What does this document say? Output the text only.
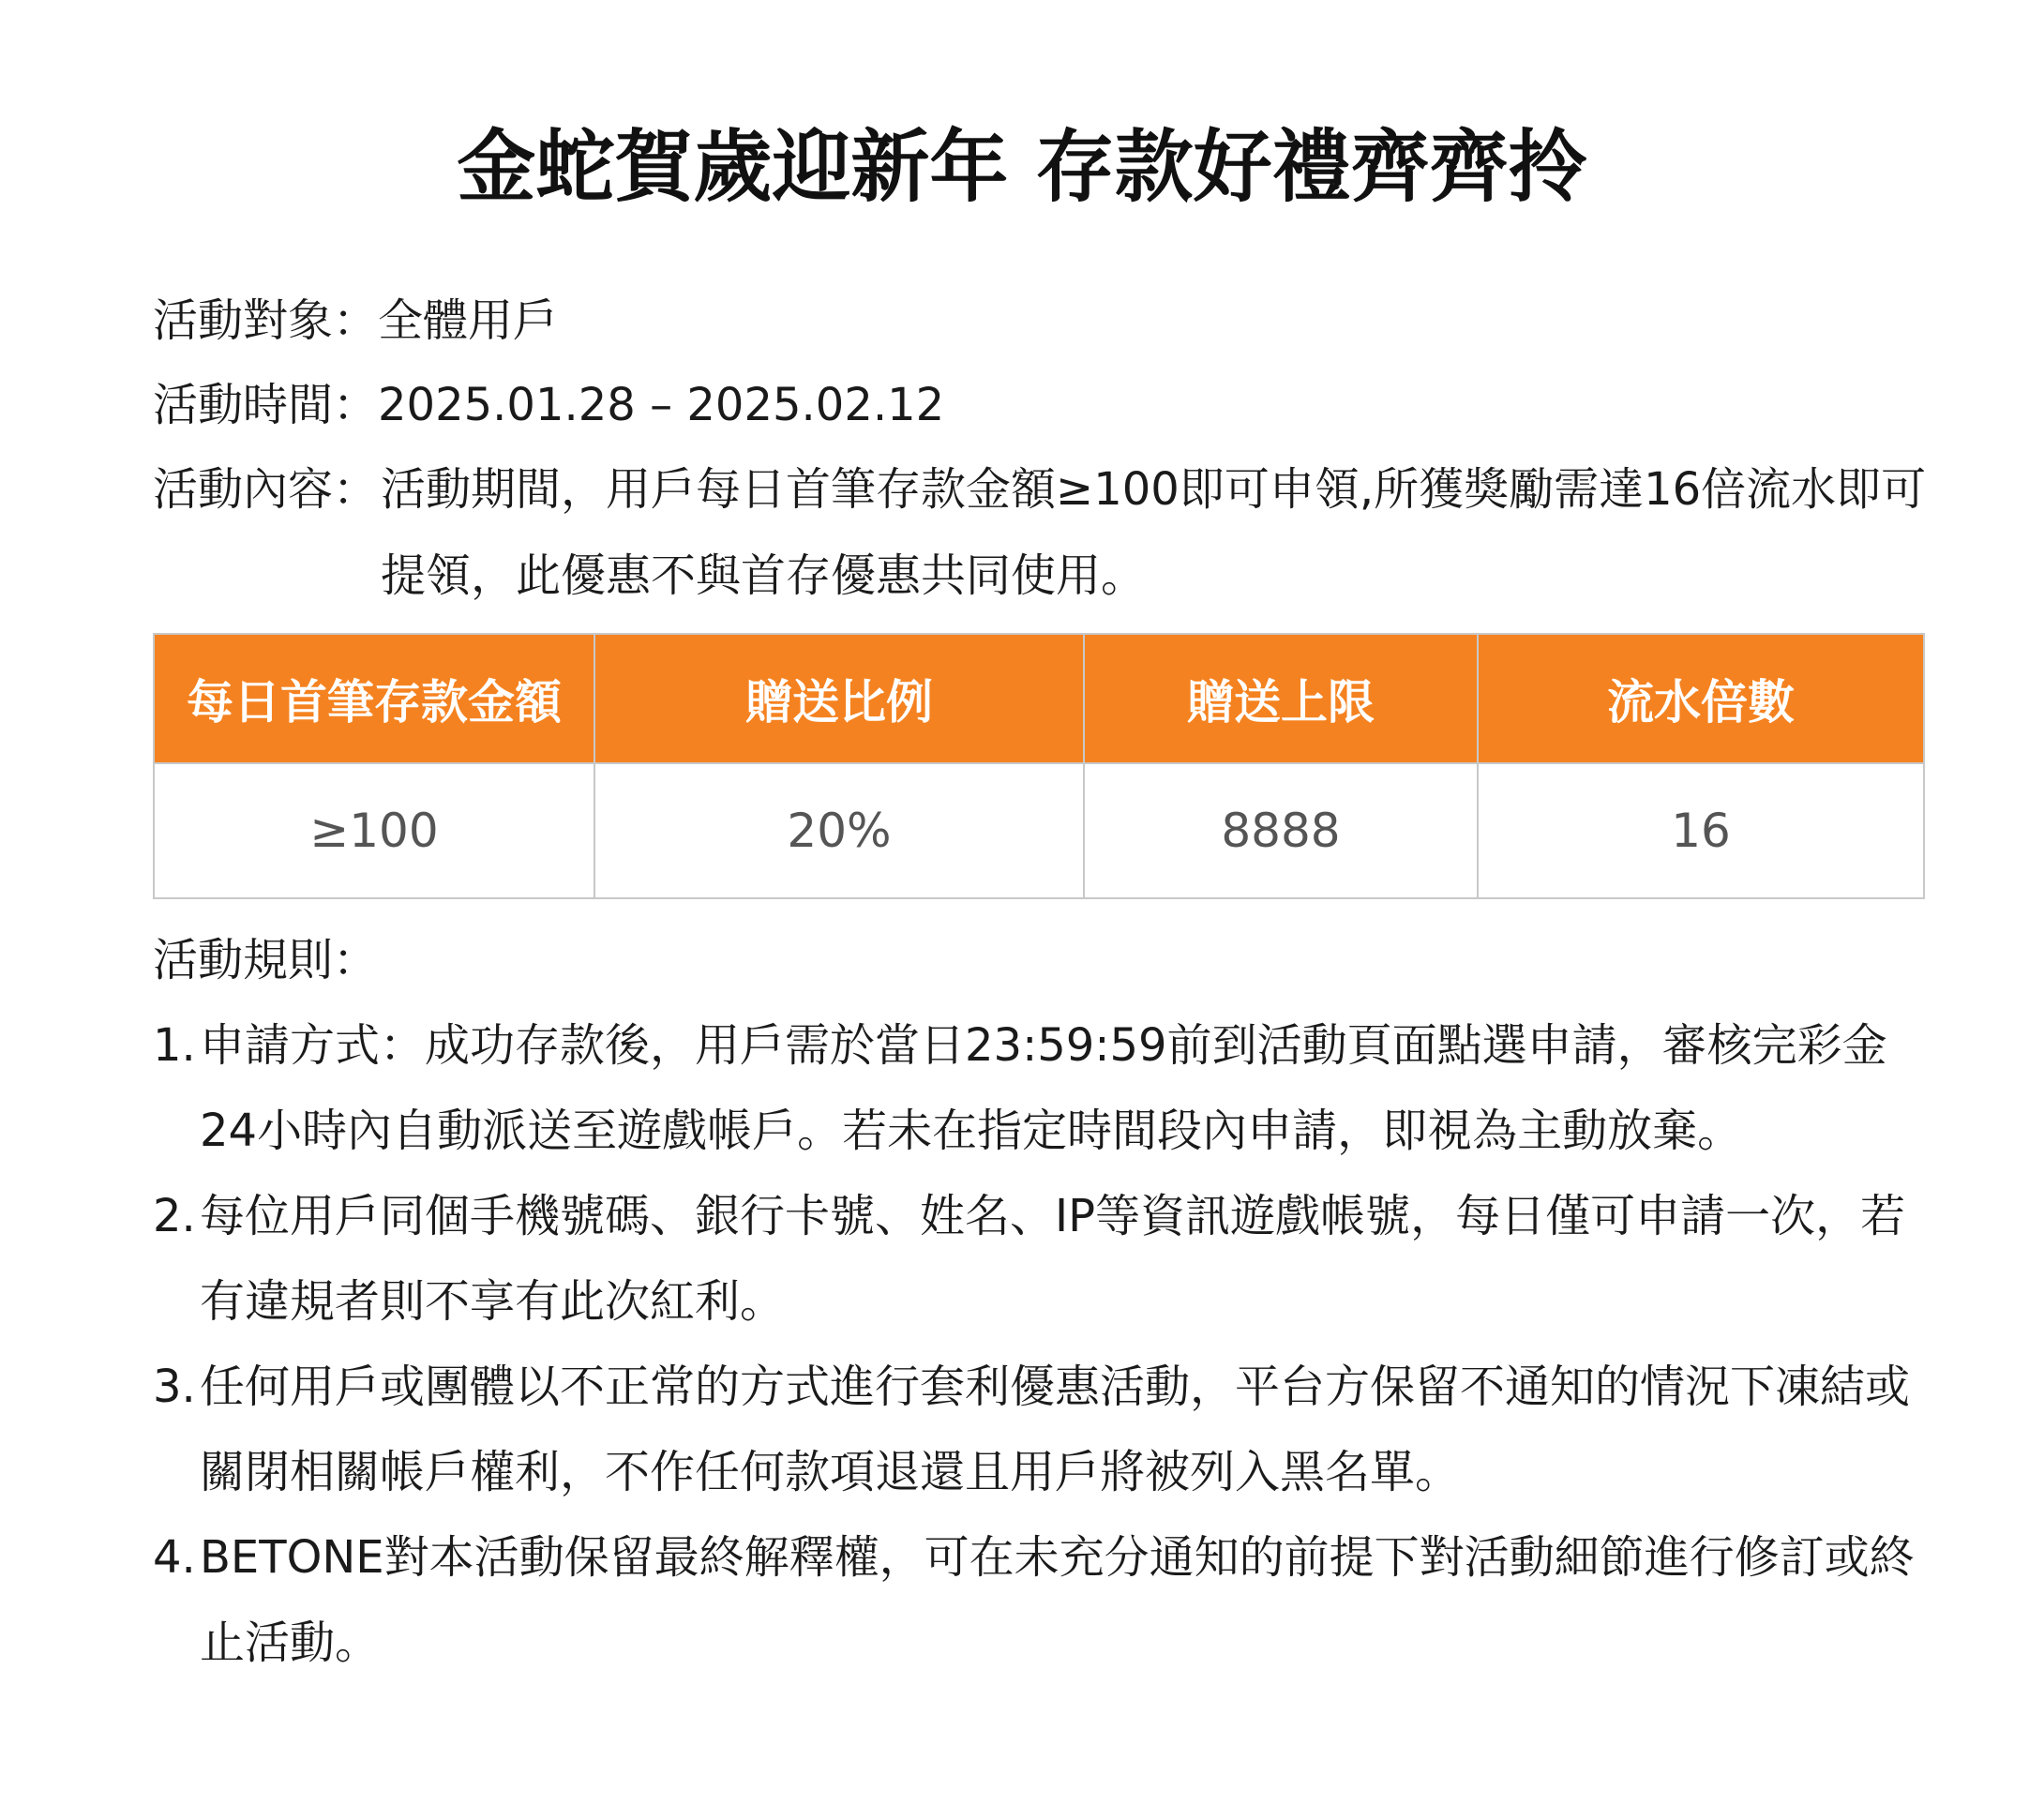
金蛇賀歲迎新年 存款好禮齊齊拎
活動對象：全體用戶
活動時間：2025.01.28 – 2025.02.12
活動內容： 活動期間，用戶每日首筆存款金額≥100即可申領,所獲獎勵需達16倍流水即可提領，此優惠不與首存優惠共同使用。
每日首筆存款金額	贈送比例	贈送上限	流水倍數
≥100	20%	8888	16
活動規則：
1. 申請方式：成功存款後，用戶需於當日23:59:59前到活動頁面點選申請，審核完彩金24小時內自動派送至遊戲帳戶。若未在指定時間段內申請，即視為主動放棄。
2. 每位用戶同個手機號碼、銀行卡號、姓名、IP等資訊遊戲帳號，每日僅可申請一次，若有違規者則不享有此次紅利。
3. 任何用戶或團體以不正常的方式進行套利優惠活動，平台方保留不通知的情況下凍結或關閉相關帳戶權利，不作任何款項退還且用戶將被列入黑名單。
4. BETONE對本活動保留最終解釋權，可在未充分通知的前提下對活動細節進行修訂或終止活動。
